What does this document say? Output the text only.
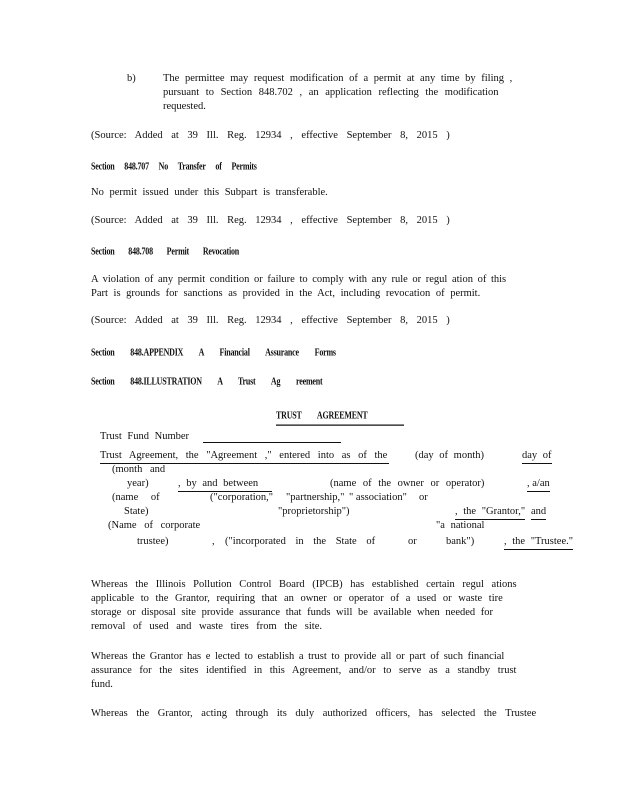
b)	The permittee may request modification of a permit at any time by filing ,
pursuant to Section 848.702 , an application reflecting the modification
requested.
(Source: Added at 39 Ill. Reg. 12934 , effective September 8, 2015 )
Section 848.707 No Transfer of Permits
No permit issued under this Subpart is transferable.
(Source: Added at 39 Ill. Reg. 12934 , effective September 8, 2015 )
Section 848.708 Permit Revocation
A violation of any permit condition or failure to comply with any rule or regul ation of this
Part is grounds for sanctions as provided in the Act, including revocation of permit.
(Source: Added at 39 Ill. Reg. 12934 , effective September 8, 2015 )
Section 848.APPENDIX A Financial Assurance Forms
Section 848.ILLUSTRATION A Trust Ag reement
TRUST AGREEMENT
Trust Fund Number
Trust Agreement, the "Agreement ," entered into as of the	(day of month)	day of
(month and
year)	, by and between	(name of the owner or operator)	, a/an
(name of	("corporation," "partnership," " association" or
State)	"proprietorship")	, the "Grantor," and
(Name of corporate	"a national
trustee)	, ("incorporated in the State of	or	bank")	, the "Trustee."
Whereas the Illinois Pollution Control Board (IPCB) has established certain regul ations
applicable to the Grantor, requiring that an owner or operator of a used or waste tire
storage or disposal site provide assurance that funds will be available when needed for
removal of used and waste tires from the site.
Whereas the Grantor has e lected to establish a trust to provide all or part of such financial
assurance for the sites identified in this Agreement, and/or to serve as a standby trust
fund.
Whereas the Grantor, acting through its duly authorized officers, has selected the Trustee
